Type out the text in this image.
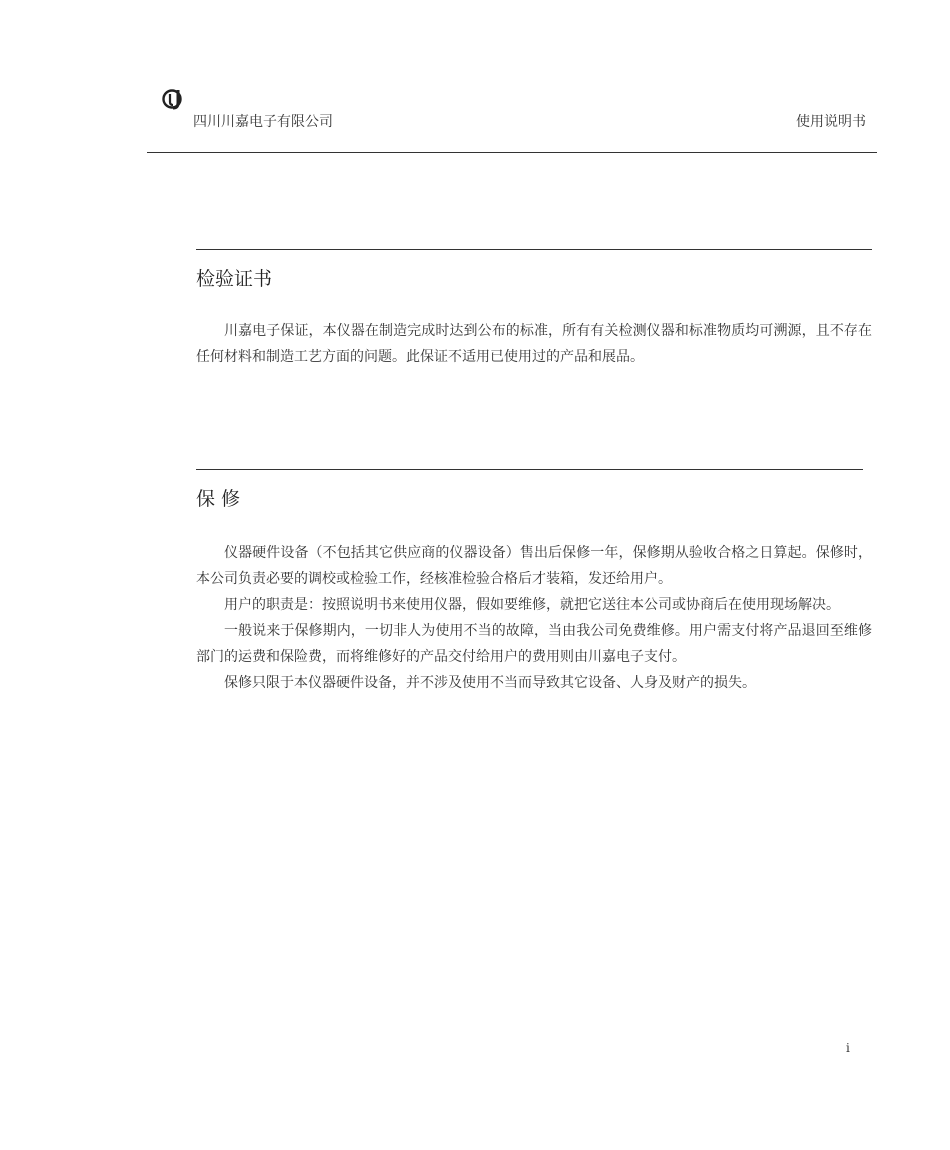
四川川嘉电子有限公司	使用说明书
检验证书

川嘉电子保证，本仪器在制造完成时达到公布的标准，所有有关检测仪器和标准物质均可溯源，且不存在任何材料和制造工艺方面的问题。此保证不适用已使用过的产品和展品。

保 修

仪器硬件设备（不包括其它供应商的仪器设备）售出后保修一年，保修期从验收合格之日算起。保修时，本公司负责必要的调校或检验工作，经核准检验合格后才装箱，发还给用户。

用户的职责是：按照说明书来使用仪器，假如要维修，就把它送往本公司或协商后在使用现场解决。

一般说来于保修期内，一切非人为使用不当的故障，当由我公司免费维修。用户需支付将产品退回至维修部门的运费和保险费，而将维修好的产品交付给用户的费用则由川嘉电子支付。

保修只限于本仪器硬件设备，并不涉及使用不当而导致其它设备、人身及财产的损失。

i
